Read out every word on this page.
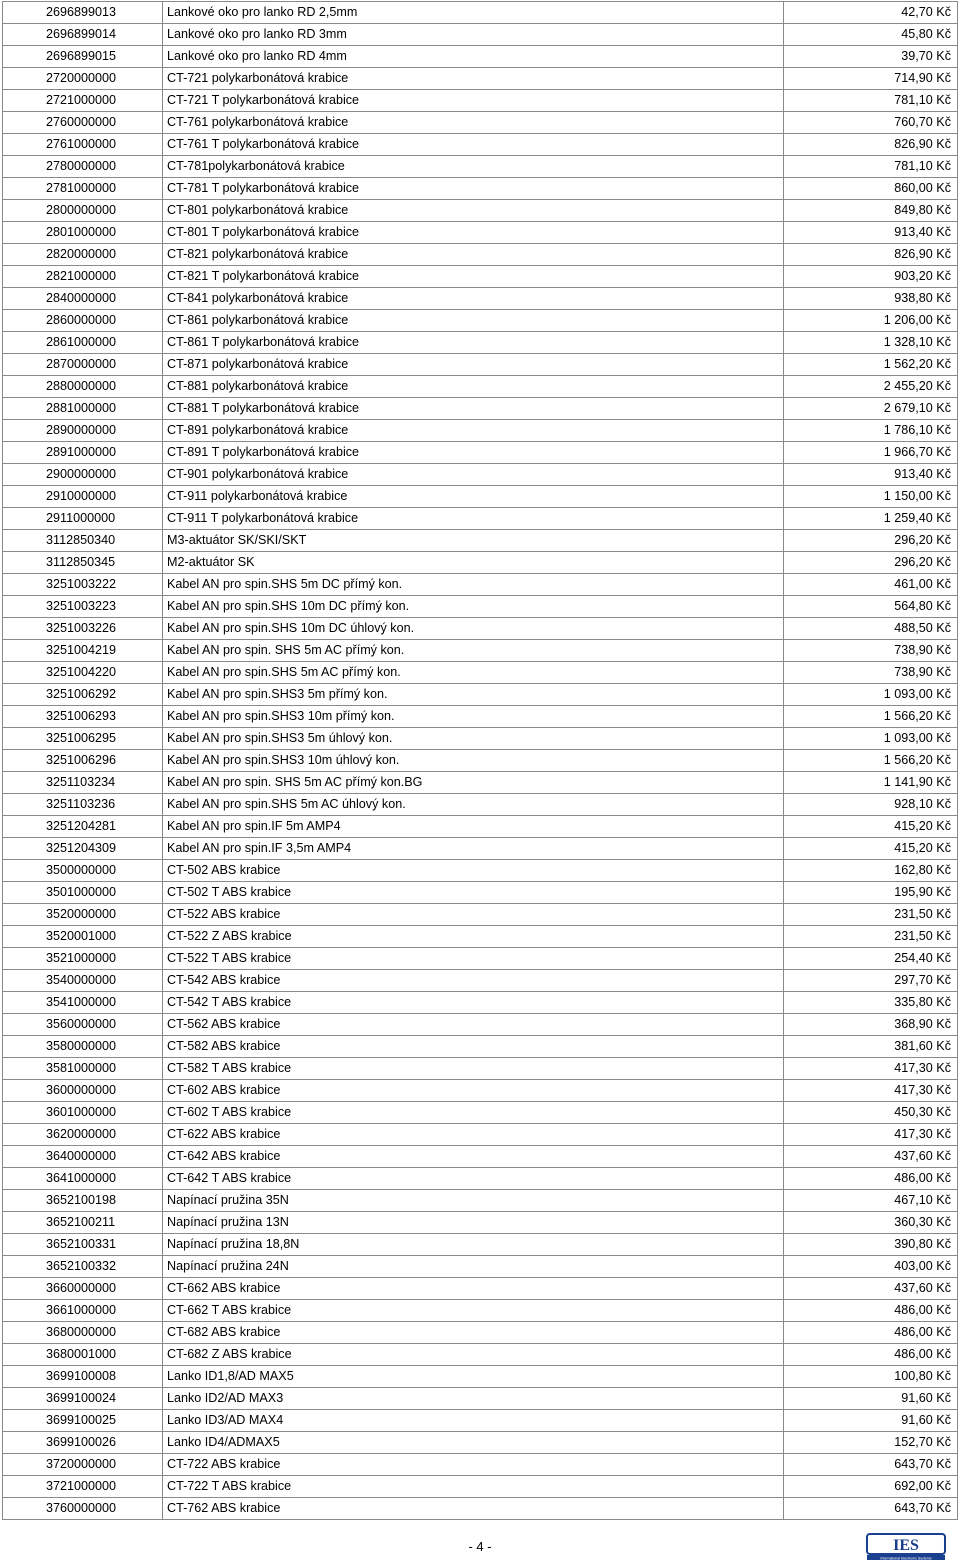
2696899013	Lankové oko pro lanko RD 2,5mm	42,70 Kč
2696899014	Lankové oko pro lanko RD 3mm	45,80 Kč
2696899015	Lankové oko pro lanko RD 4mm	39,70 Kč
2720000000	CT-721 polykarbonátová krabice	714,90 Kč
2721000000	CT-721 T polykarbonátová krabice	781,10 Kč
2760000000	CT-761 polykarbonátová krabice	760,70 Kč
2761000000	CT-761 T polykarbonátová krabice	826,90 Kč
2780000000	CT-781polykarbonátová krabice	781,10 Kč
2781000000	CT-781 T polykarbonátová krabice	860,00 Kč
2800000000	CT-801 polykarbonátová krabice	849,80 Kč
2801000000	CT-801 T polykarbonátová krabice	913,40 Kč
2820000000	CT-821 polykarbonátová krabice	826,90 Kč
2821000000	CT-821 T polykarbonátová krabice	903,20 Kč
2840000000	CT-841 polykarbonátová krabice	938,80 Kč
2860000000	CT-861 polykarbonátová krabice	1 206,00 Kč
2861000000	CT-861 T polykarbonátová krabice	1 328,10 Kč
2870000000	CT-871 polykarbonátová krabice	1 562,20 Kč
2880000000	CT-881 polykarbonátová krabice	2 455,20 Kč
2881000000	CT-881 T polykarbonátová krabice	2 679,10 Kč
2890000000	CT-891 polykarbonátová krabice	1 786,10 Kč
2891000000	CT-891 T polykarbonátová krabice	1 966,70 Kč
2900000000	CT-901 polykarbonátová krabice	913,40 Kč
2910000000	CT-911 polykarbonátová krabice	1 150,00 Kč
2911000000	CT-911 T polykarbonátová krabice	1 259,40 Kč
3112850340	M3-aktuátor SK/SKI/SKT	296,20 Kč
3112850345	M2-aktuátor SK	296,20 Kč
3251003222	Kabel AN pro spin.SHS 5m DC přímý kon.	461,00 Kč
3251003223	Kabel AN pro spin.SHS 10m DC přímý kon.	564,80 Kč
3251003226	Kabel AN pro spin.SHS 10m DC úhlový kon.	488,50 Kč
3251004219	Kabel AN pro spin. SHS 5m AC přímý kon.	738,90 Kč
3251004220	Kabel AN pro spin.SHS 5m AC přímý kon.	738,90 Kč
3251006292	Kabel AN pro spin.SHS3 5m přímý kon.	1 093,00 Kč
3251006293	Kabel AN pro spin.SHS3 10m přímý kon.	1 566,20 Kč
3251006295	Kabel AN pro spin.SHS3 5m úhlový kon.	1 093,00 Kč
3251006296	Kabel AN pro spin.SHS3 10m úhlový kon.	1 566,20 Kč
3251103234	Kabel AN pro spin. SHS 5m AC přímý kon.BG	1 141,90 Kč
3251103236	Kabel AN pro spin.SHS 5m AC úhlový kon.	928,10 Kč
3251204281	Kabel AN pro spin.IF 5m AMP4	415,20 Kč
3251204309	Kabel AN pro spin.IF 3,5m AMP4	415,20 Kč
3500000000	CT-502 ABS krabice	162,80 Kč
3501000000	CT-502 T ABS krabice	195,90 Kč
3520000000	CT-522 ABS krabice	231,50 Kč
3520001000	CT-522 Z ABS krabice	231,50 Kč
3521000000	CT-522 T ABS krabice	254,40 Kč
3540000000	CT-542 ABS krabice	297,70 Kč
3541000000	CT-542 T ABS krabice	335,80 Kč
3560000000	CT-562 ABS krabice	368,90 Kč
3580000000	CT-582 ABS krabice	381,60 Kč
3581000000	CT-582 T ABS krabice	417,30 Kč
3600000000	CT-602 ABS krabice	417,30 Kč
3601000000	CT-602 T ABS krabice	450,30 Kč
3620000000	CT-622 ABS krabice	417,30 Kč
3640000000	CT-642 ABS krabice	437,60 Kč
3641000000	CT-642 T ABS krabice	486,00 Kč
3652100198	Napínací pružina 35N	467,10 Kč
3652100211	Napínací pružina 13N	360,30 Kč
3652100331	Napínací pružina 18,8N	390,80 Kč
3652100332	Napínací pružina 24N	403,00 Kč
3660000000	CT-662 ABS krabice	437,60 Kč
3661000000	CT-662 T ABS krabice	486,00 Kč
3680000000	CT-682 ABS krabice	486,00 Kč
3680001000	CT-682 Z ABS krabice	486,00 Kč
3699100008	Lanko ID1,8/AD MAX5	100,80 Kč
3699100024	Lanko ID2/AD MAX3	91,60 Kč
3699100025	Lanko ID3/AD MAX4	91,60 Kč
3699100026	Lanko ID4/ADMAX5	152,70 Kč
3720000000	CT-722 ABS krabice	643,70 Kč
3721000000	CT-722 T ABS krabice	692,00 Kč
3760000000	CT-762 ABS krabice	643,70 Kč
- 4 -	IES
International Electronic Systems
